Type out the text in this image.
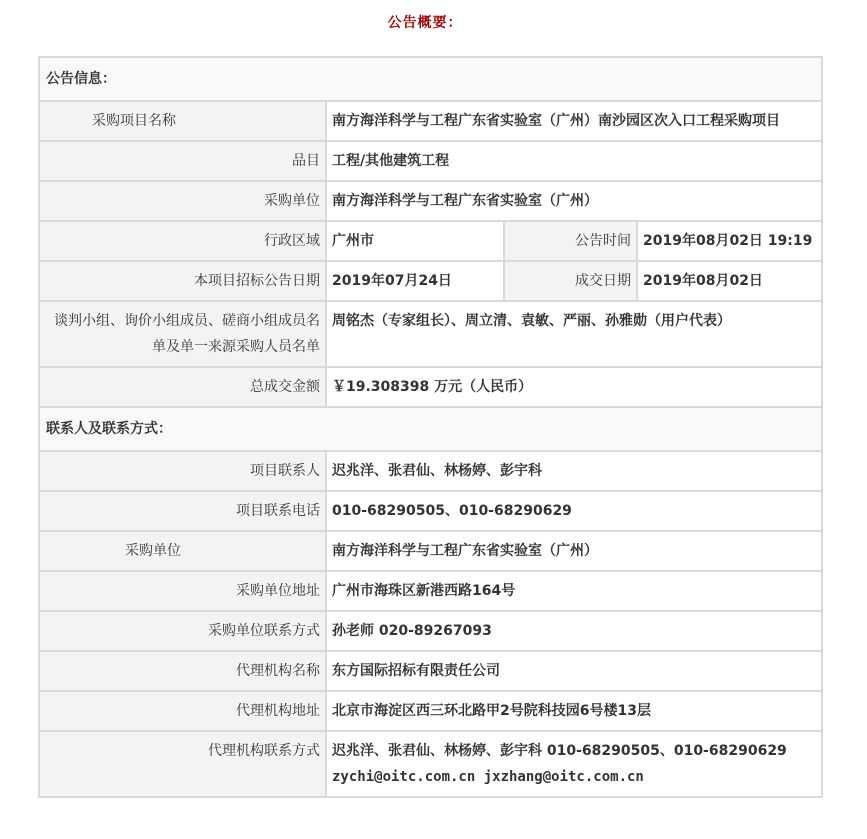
公告概要：
公告信息：			
采购项目名称	南方海洋科学与工程广东省实验室（广州）南沙园区次入口工程采购项目		
品目	工程/其他建筑工程		
采购单位	南方海洋科学与工程广东省实验室（广州）		
行政区域	广州市	公告时间	2019年08月02日 19:19
本项目招标公告日期	2019年07月24日	成交日期	2019年08月02日
谈判小组、询价小组成员、磋商小组成员名单及单一来源采购人员名单	周铭杰（专家组长）、周立清、袁敏、严丽、孙雅勋（用户代表）		
总成交金额	￥19.308398 万元（人民币）		
联系人及联系方式：			
项目联系人	迟兆洋、张君仙、林杨婷、彭宇科		
项目联系电话	010-68290505、010-68290629		
采购单位	南方海洋科学与工程广东省实验室（广州）		
采购单位地址	广州市海珠区新港西路164号		
采购单位联系方式	孙老师 020-89267093		
代理机构名称	东方国际招标有限责任公司		
代理机构地址	北京市海淀区西三环北路甲2号院科技园6号楼13层		
代理机构联系方式	迟兆洋、张君仙、林杨婷、彭宇科 010-68290505、010-68290629
zychi@oitc.com.cn jxzhang@oitc.com.cn		
